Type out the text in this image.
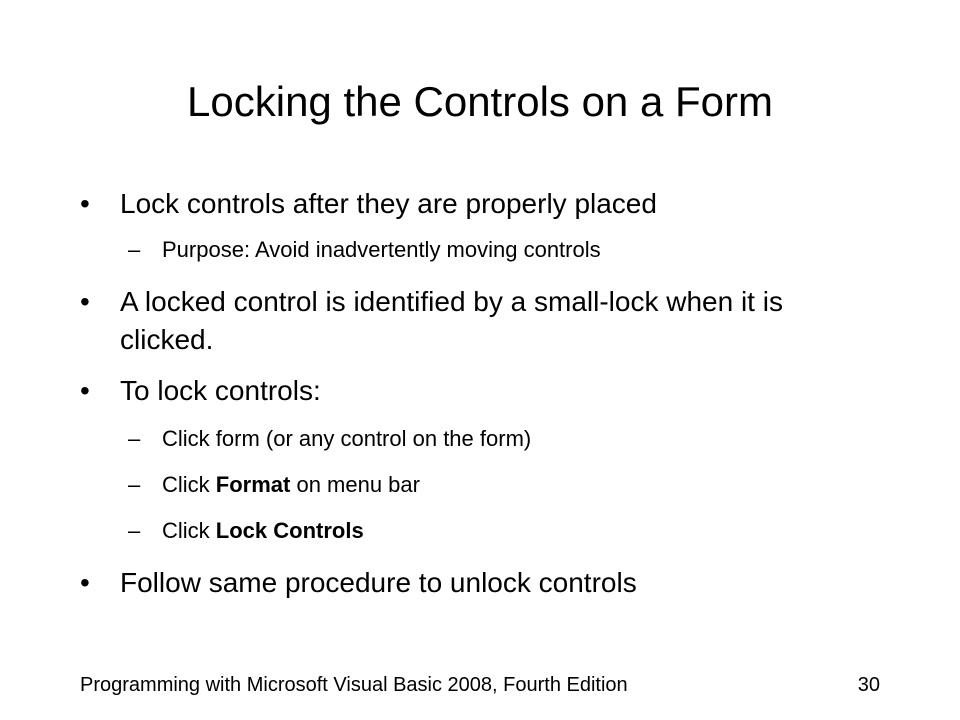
Locking the Controls on a Form
•	Lock controls after they are properly placed
– Purpose: Avoid inadvertently moving controls
•	A locked control is identified by a small-lock when it is clicked.
•	To lock controls:
– Click form (or any control on the form)
– Click Format on menu bar
– Click Lock Controls
•	Follow same procedure to unlock controls
Programming with Microsoft Visual Basic 2008, Fourth Edition	30
